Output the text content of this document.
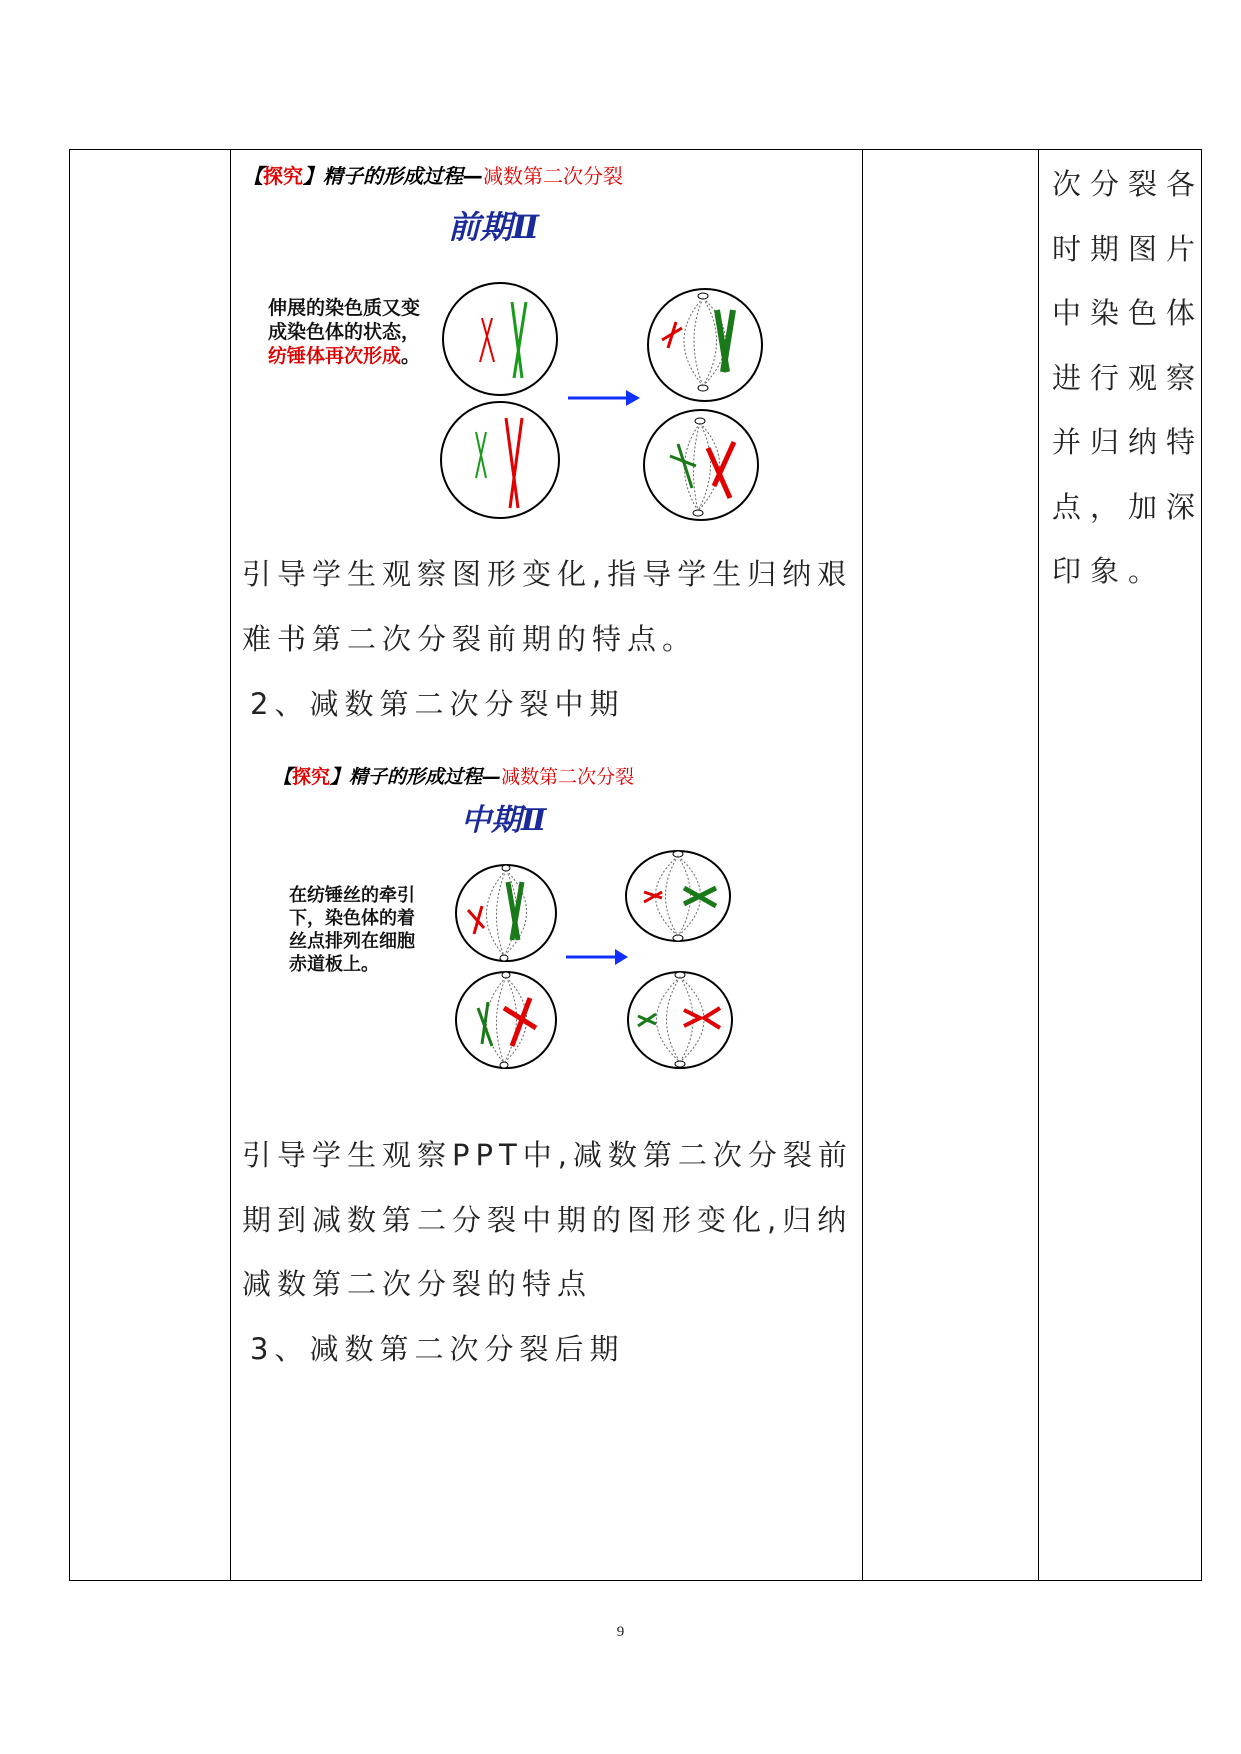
【探究】精子的形成过程—减数第二次分裂
前期Ⅱ
伸展的染色质又变成染色体的状态，纺锤体再次形成。
引导学生观察图形变化,指导学生归纳艰
难书第二次分裂前期的特点。
2、减数第二次分裂中期
【探究】精子的形成过程—减数第二次分裂
中期Ⅱ
在纺锤丝的牵引下，染色体的着丝点排列在细胞赤道板上。
引导学生观察PPT中,减数第二次分裂前
期到减数第二分裂中期的图形变化,归纳
减数第二次分裂的特点
3、减数第二次分裂后期
次分裂各
时期图片
中染色体
进行观察
并归纳特
点，加深
印象。
9
